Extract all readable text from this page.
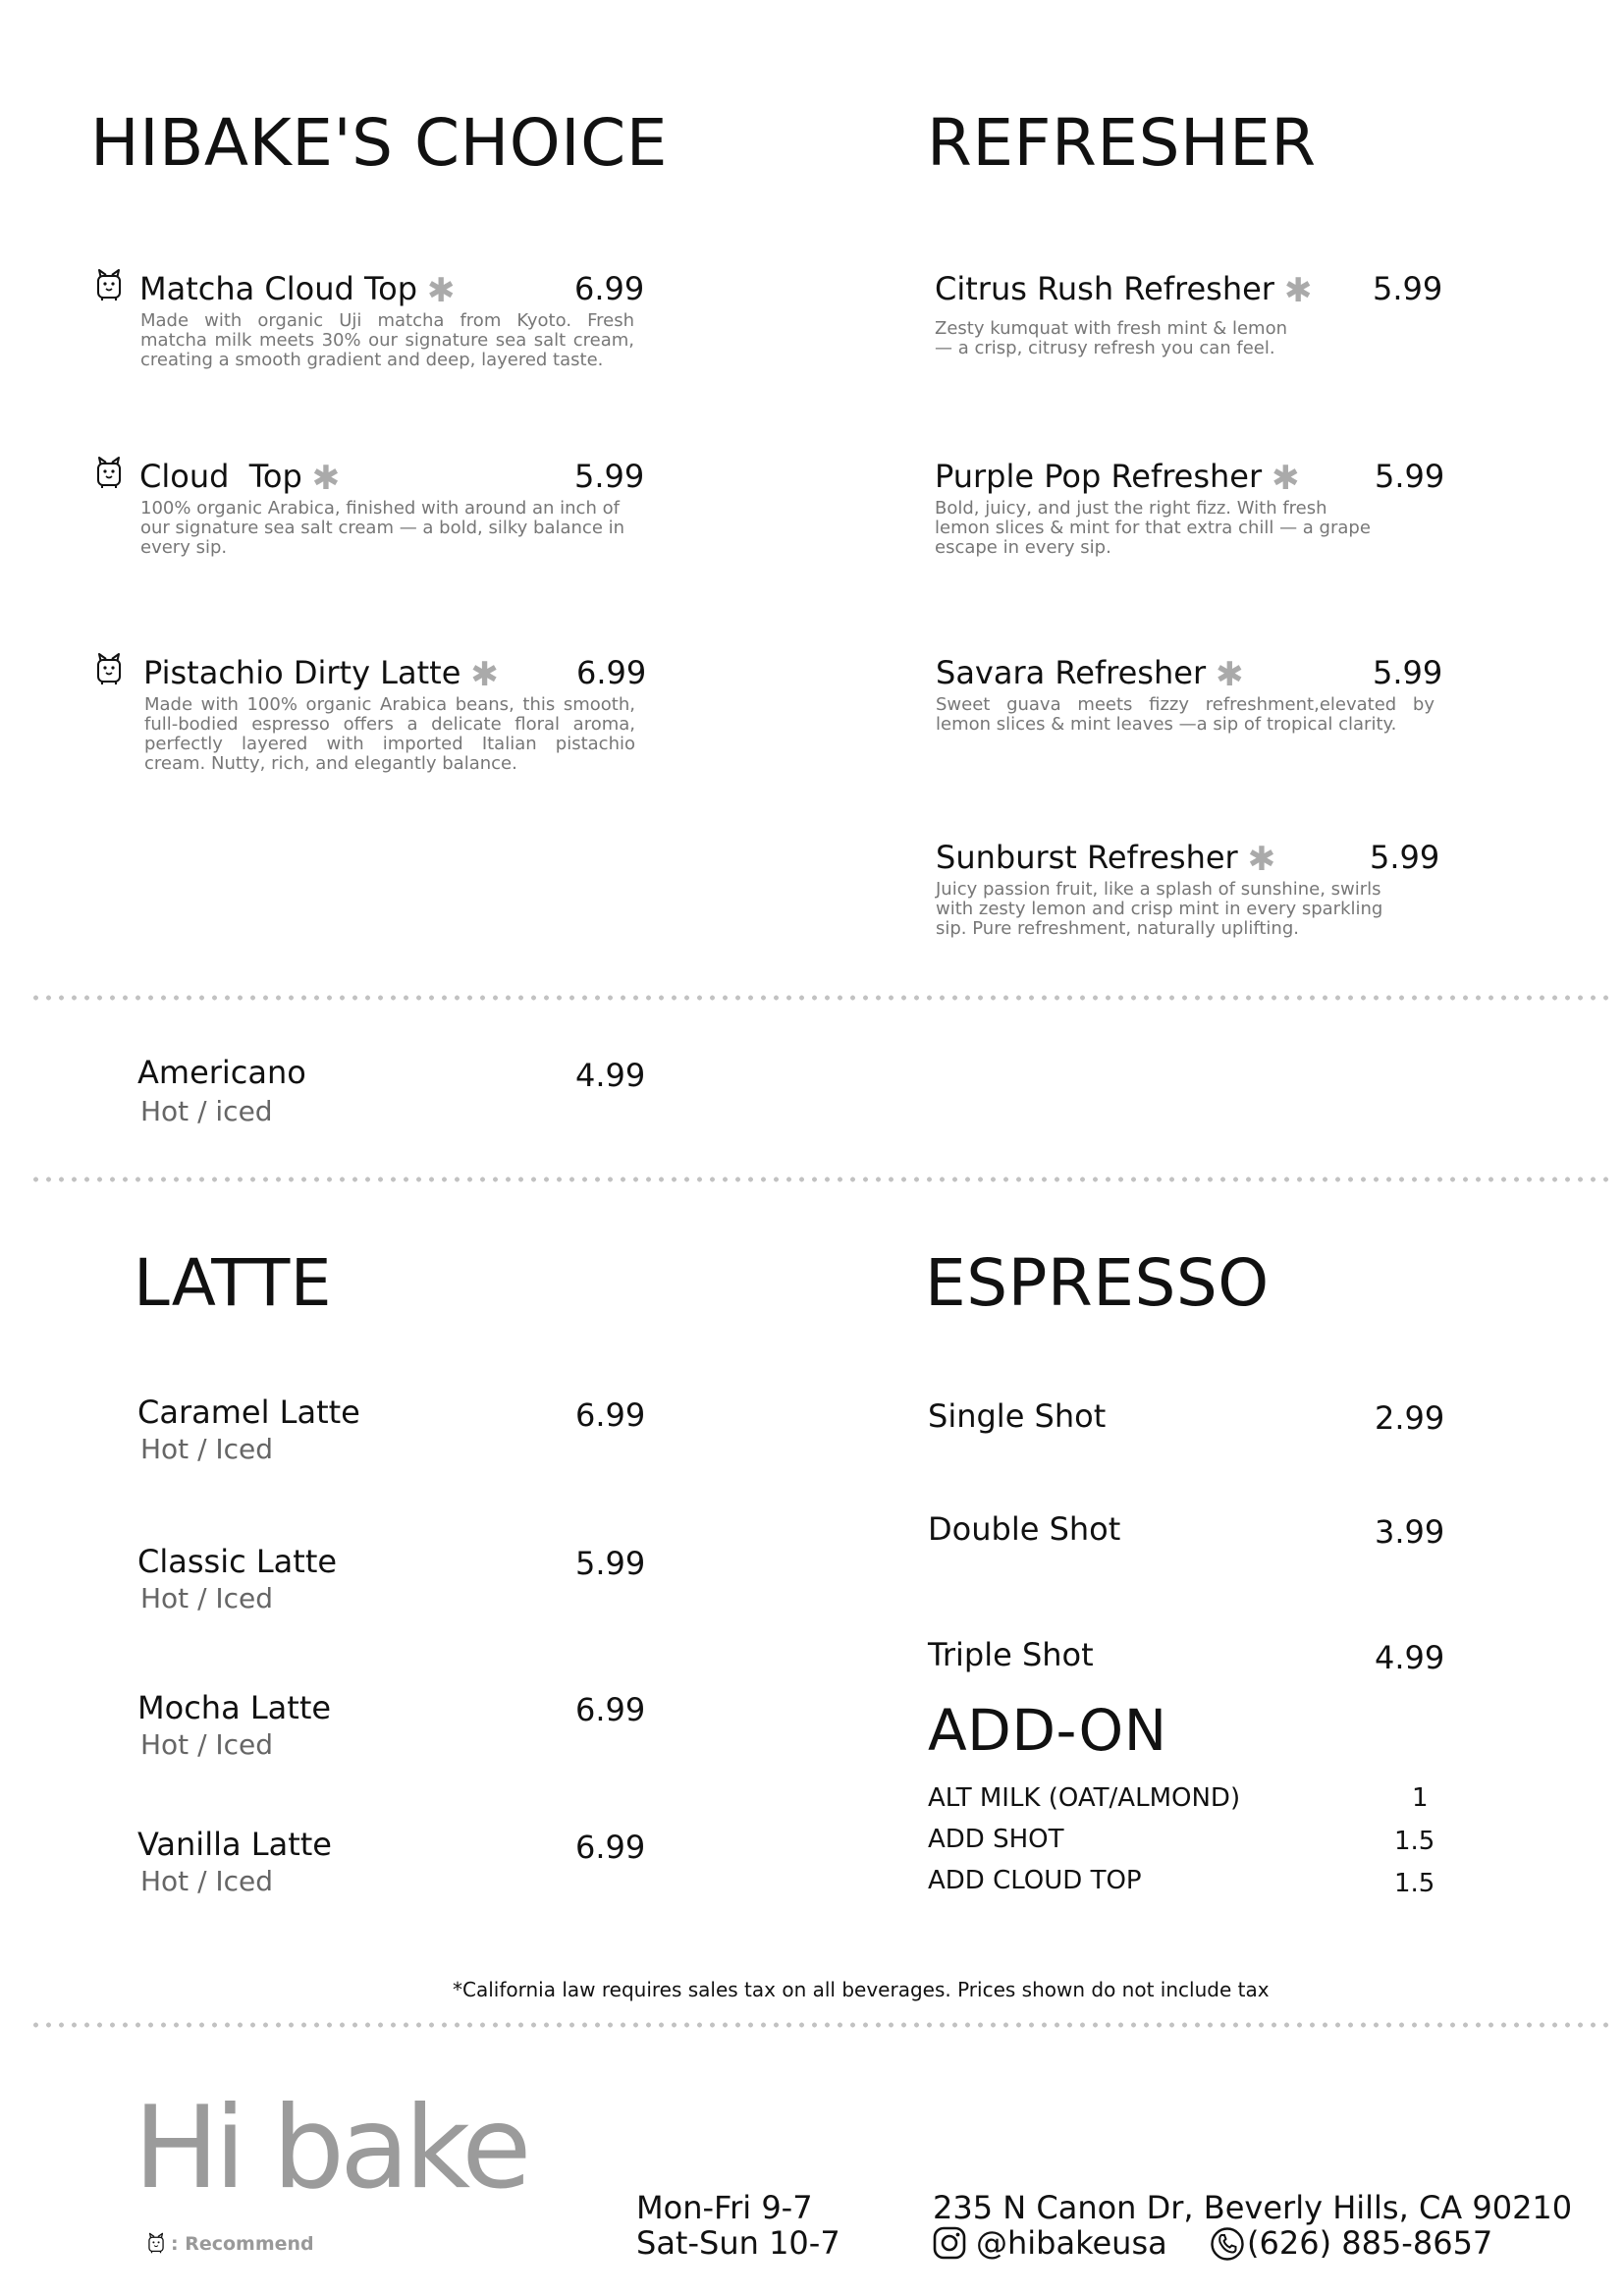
HIBAKE'S CHOICE
Matcha Cloud Top ✱	6.99
Made with organic Uji matcha from Kyoto. Fresh matcha milk meets 30% our signature sea salt cream, creating a smooth gradient and deep, layered taste.
Cloud  Top ✱	5.99
100% organic Arabica, finished with around an inch of our signature sea salt cream — a bold, silky balance in every sip.
Pistachio Dirty Latte ✱ 6.99
Made with 100% organic Arabica beans, this smooth, full-bodied espresso offers a delicate floral aroma, perfectly layered with imported Italian pistachio cream. Nutty, rich, and elegantly balance.
REFRESHER
Citrus Rush Refresher ✱ 5.99
Zesty kumquat with fresh mint & lemon — a crisp, citrusy refresh you can feel.
Purple Pop Refresher ✱ 5.99
Bold, juicy, and just the right fizz. With fresh lemon slices & mint for that extra chill — a grape escape in every sip.
Savara Refresher ✱	5.99
Sweet guava meets fizzy refreshment,elevated by lemon slices & mint leaves —a sip of tropical clarity.
Sunburst Refresher ✱	5.99
Juicy passion fruit, like a splash of sunshine, swirls with zesty lemon and crisp mint in every sparkling sip. Pure refreshment, naturally uplifting.
Americano	4.99
Hot / iced
LATTE
Caramel Latte	6.99
Hot / Iced
Classic Latte	5.99
Hot / Iced
Mocha Latte	6.99
Hot / Iced
Vanilla Latte	6.99
Hot / Iced
ESPRESSO
Single Shot	2.99
Double Shot	3.99
Triple Shot	4.99
ADD-ON
ALT MILK (OAT/ALMOND)	1
ADD SHOT	1.5
ADD CLOUD TOP	1.5
*California law requires sales tax on all beverages. Prices shown do not include tax
Hi bake
: Recommend
Mon-Fri 9-7
Sat-Sun 10-7
235 N Canon Dr, Beverly Hills, CA 90210
@hibakeusa	(626) 885-8657
